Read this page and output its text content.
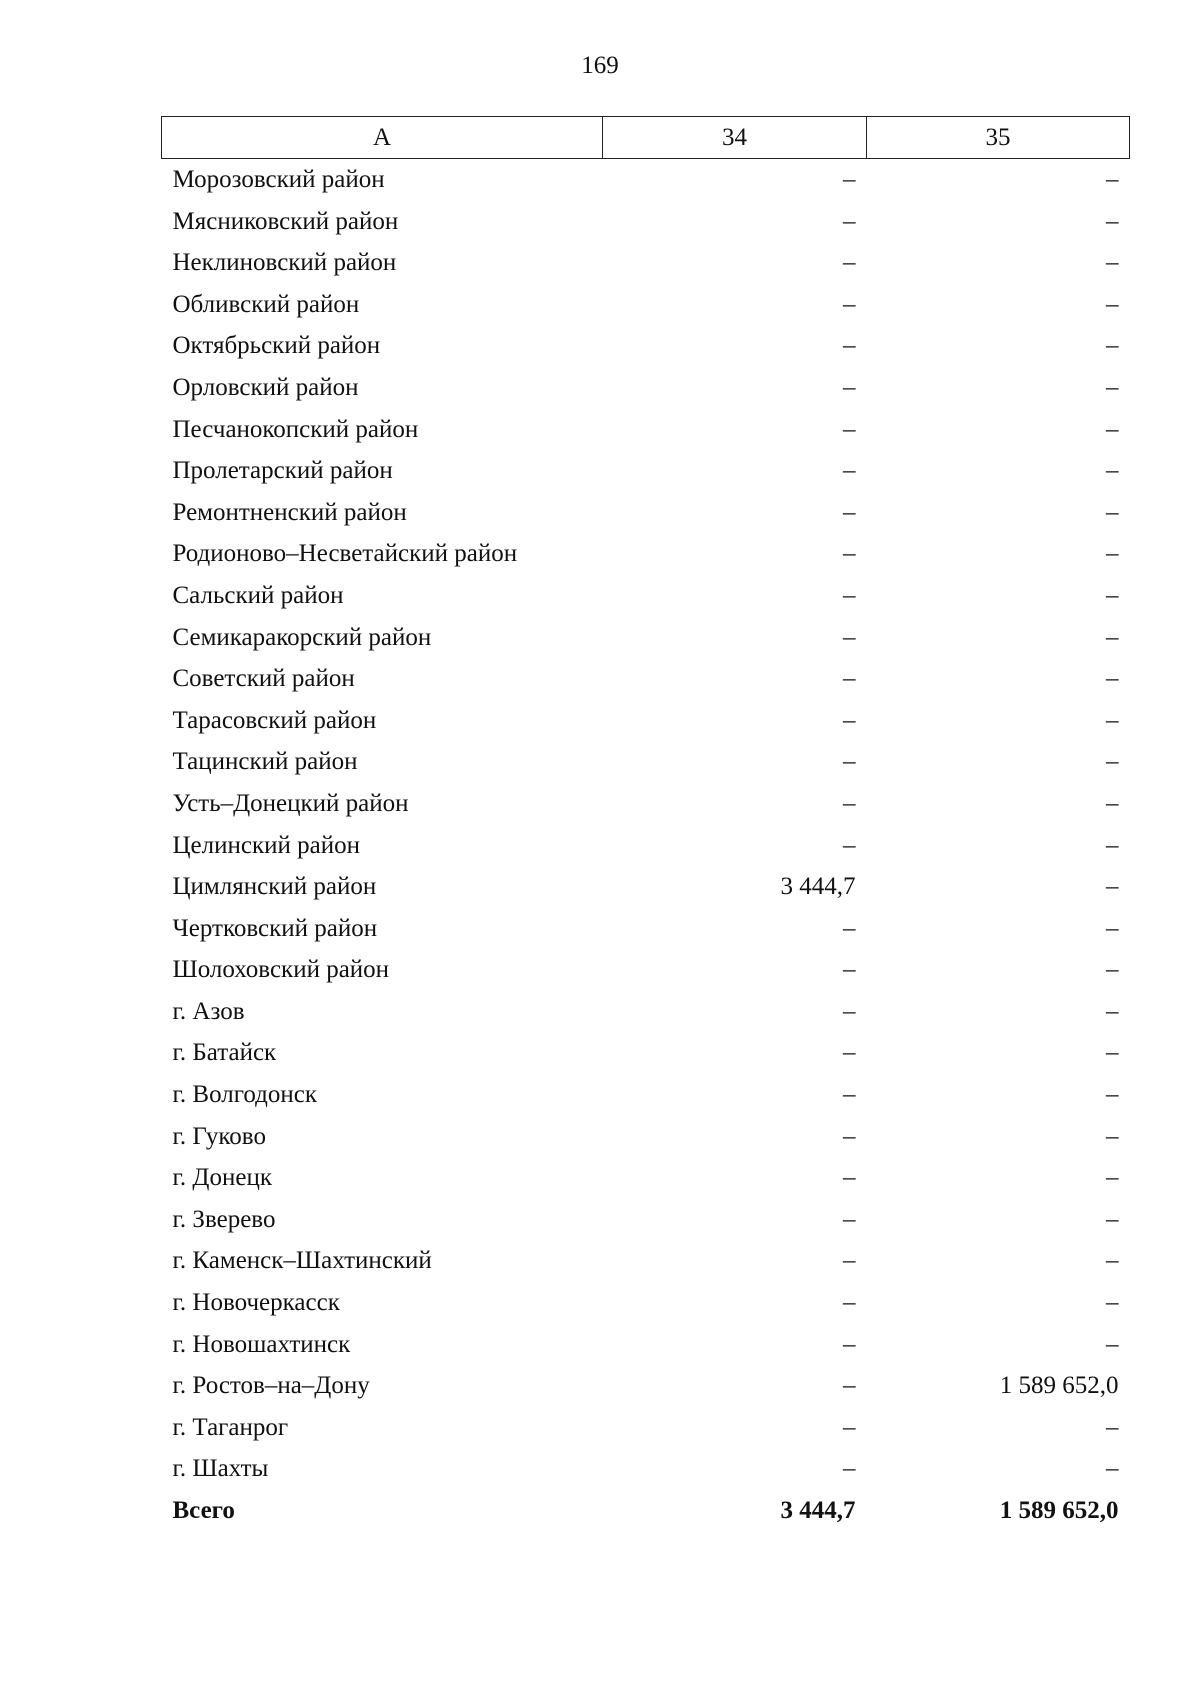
169
А	34	35
Морозовский район	–	–
Мясниковский район	–	–
Неклиновский район	–	–
Обливский район	–	–
Октябрьский район	–	–
Орловский район	–	–
Песчанокопский район	–	–
Пролетарский район	–	–
Ремонтненский район	–	–
Родионово–Несветайский район	–	–
Сальский район	–	–
Семикаракорский район	–	–
Советский район	–	–
Тарасовский район	–	–
Тацинский район	–	–
Усть–Донецкий район	–	–
Целинский район	–	–
Цимлянский район	3 444,7	–
Чертковский район	–	–
Шолоховский район	–	–
г. Азов	–	–
г. Батайск	–	–
г. Волгодонск	–	–
г. Гуково	–	–
г. Донецк	–	–
г. Зверево	–	–
г. Каменск–Шахтинский	–	–
г. Новочеркасск	–	–
г. Новошахтинск	–	–
г. Ростов–на–Дону	–	1 589 652,0
г. Таганрог	–	–
г. Шахты	–	–
Всего	3 444,7	1 589 652,0
